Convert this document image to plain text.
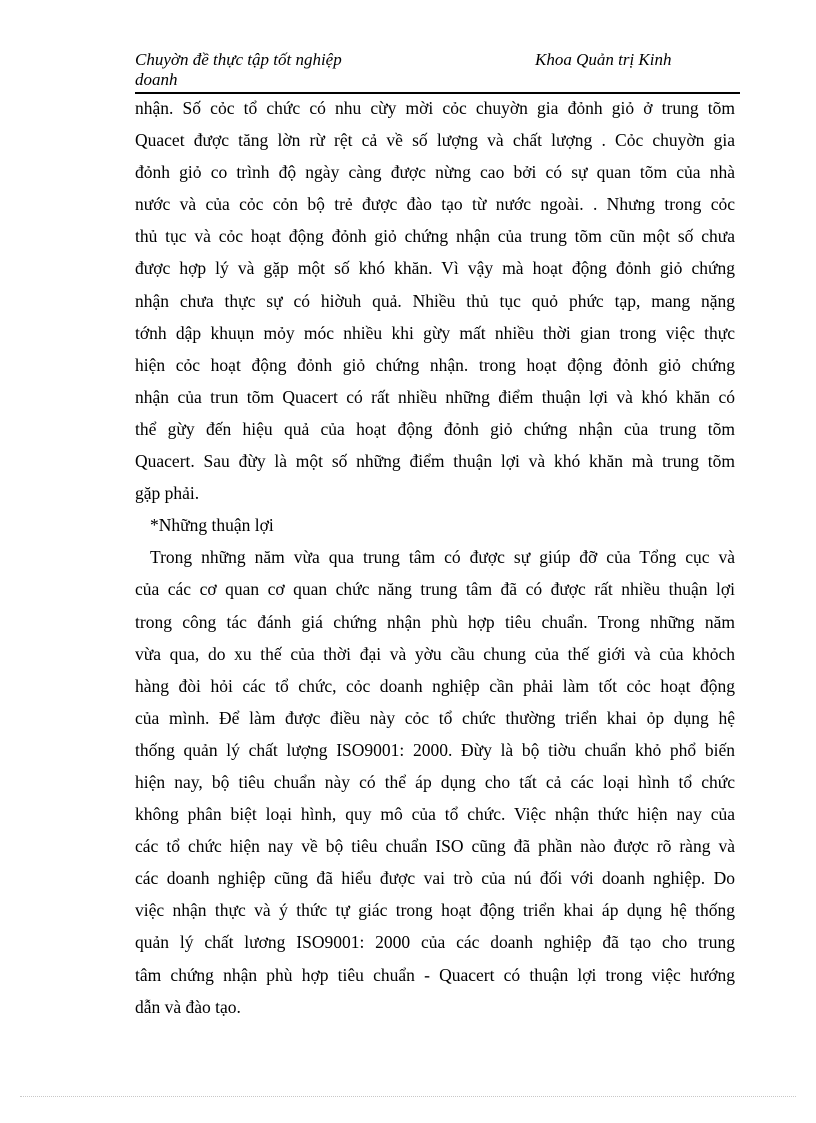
Chuyờn đề thực tập tốt nghiệp
doanh
Khoa Quản trị Kinh

nhận. Số cỏc tổ chức có nhu cừy mời cỏc chuyờn gia đỏnh giỏ ở trung tõm
Quacet được tăng lờn rừ rệt cả về số lượng và chất lượng . Cỏc chuyờn gia
đỏnh giỏ co trình độ ngày càng được nừng cao bởi có sự quan tõm của nhà
nước và của cỏc cỏn bộ trẻ được đào tạo từ nước ngoài. . Nhưng trong cỏc
thủ tục và cỏc hoạt động đỏnh giỏ chứng nhận của trung tõm cũn một số chưa
được hợp lý và gặp một số khó khăn. Vì vậy mà hoạt động đỏnh giỏ chứng
nhận chưa thực sự có hiờuh quả. Nhiều thủ tục quỏ phức tạp, mang nặng
tớnh dập khuụn mỏy móc nhiều khi gừy mất nhiều thời gian trong việc thực
hiện cỏc hoạt động đỏnh giỏ chứng nhận. trong hoạt động đỏnh giỏ chứng
nhận của trun tõm Quacert có rất nhiều những điểm thuận lợi và khó khăn có
thể gừy đến hiệu quả của hoạt động đỏnh giỏ chứng nhận của trung tõm
Quacert. Sau đừy là một số những điểm thuận lợi và khó khăn mà trung tõm
gặp phải.

*Những thuận lợi

Trong những năm vừa qua trung tâm có được sự giúp đỡ của Tổng cục và
của các cơ quan cơ quan chức năng trung tâm đã có được rất nhiều thuận lợi
trong công tác đánh giá chứng nhận phù hợp tiêu chuẩn. Trong những năm
vừa qua, do xu thế của thời đại và yờu cầu chung của thế giới và của khỏch
hàng đòi hỏi các tổ chức, cỏc doanh nghiệp cần phải làm tốt cỏc hoạt động
của mình. Để làm được điều này cỏc tổ chức thường triển khai ỏp dụng hệ
thống quản lý chất lượng ISO9001: 2000. Đừy là bộ tiờu chuẩn khỏ phổ biến
hiện nay, bộ tiêu chuẩn này có thể áp dụng cho tất cả các loại hình tổ chức
không phân biệt loại hình, quy mô của tổ chức. Việc nhận thức hiện nay của
các tổ chức hiện nay về bộ tiêu chuẩn ISO cũng đã phần nào được rõ ràng và
các doanh nghiệp cũng đã hiểu được vai trò của nú đối với doanh nghiệp. Do
việc nhận thực và ý thức tự giác trong hoạt động triển khai áp dụng hệ thống
quản lý chất lương ISO9001: 2000 của các doanh nghiệp đã tạo cho trung
tâm chứng nhận phù hợp tiêu chuẩn - Quacert có thuận lợi trong việc hướng
dẫn và đào tạo.
